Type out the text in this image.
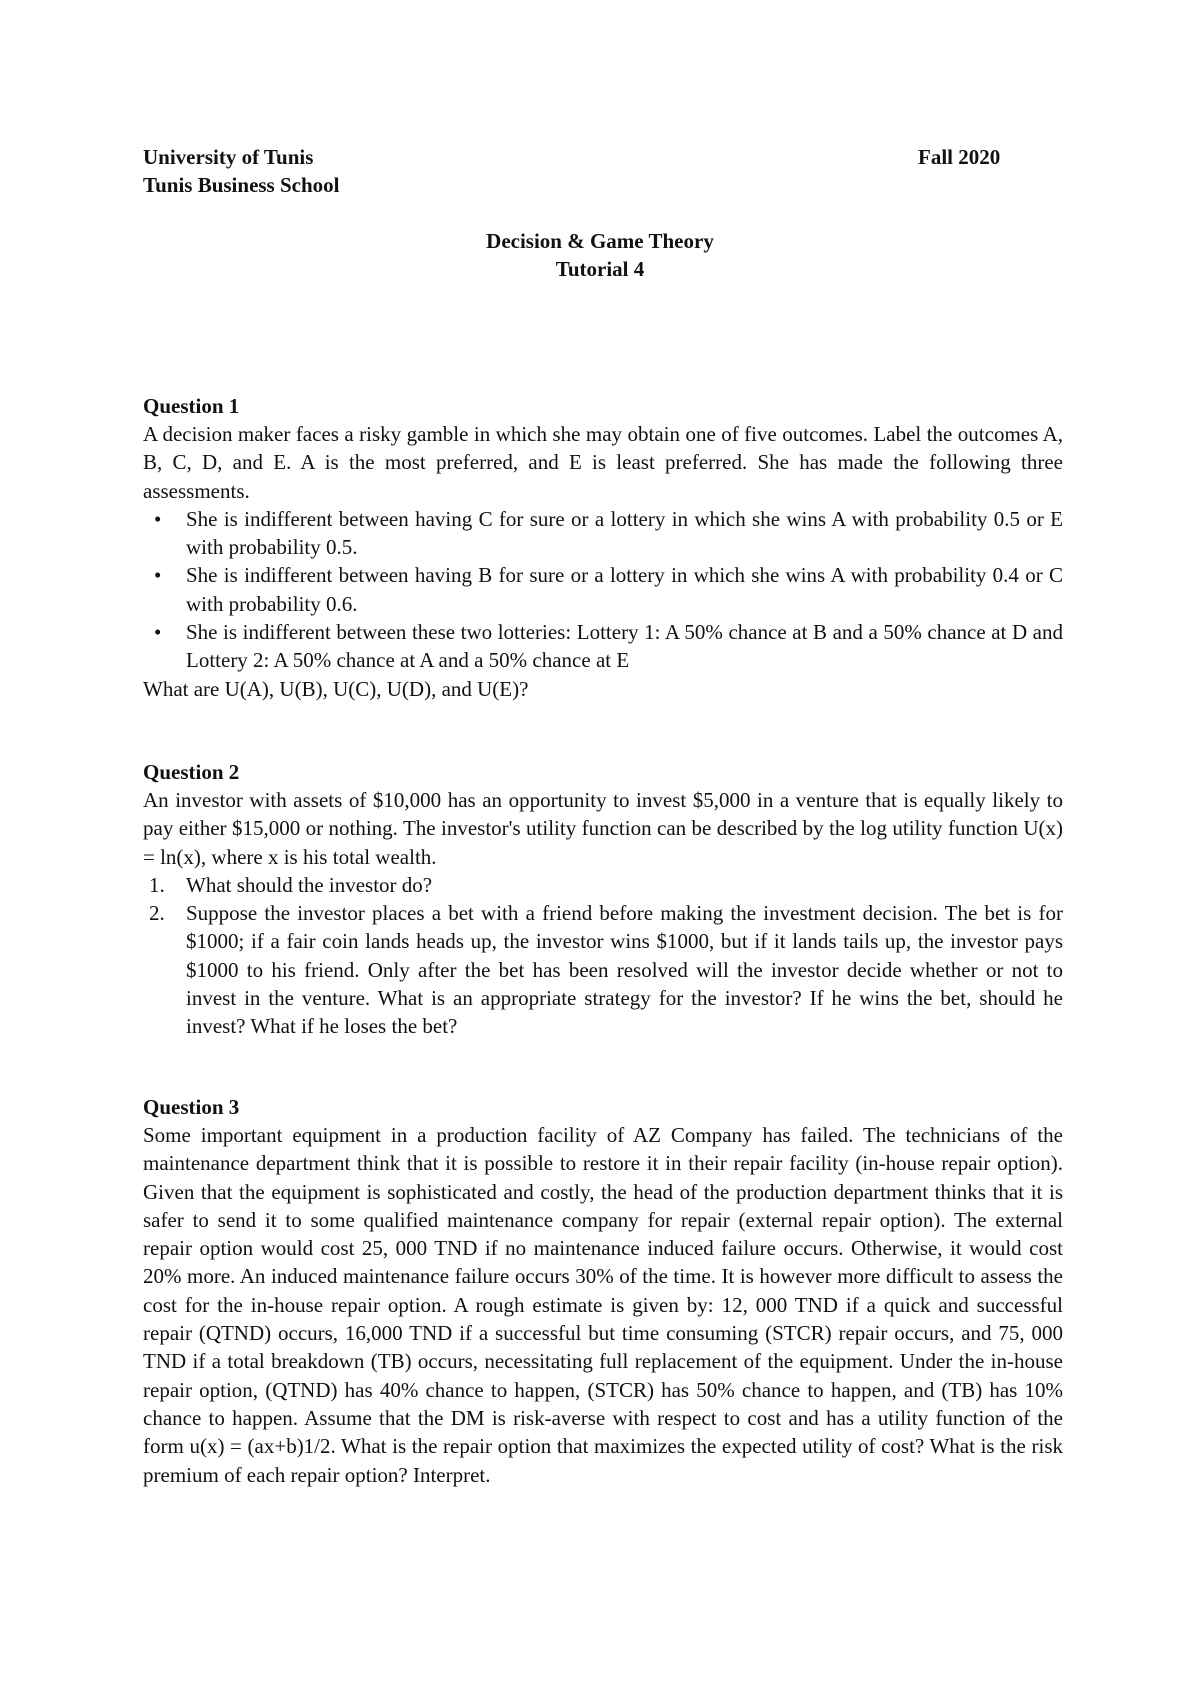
University of Tunis
Tunis Business School
Fall 2020
Decision & Game Theory
Tutorial 4
Question 1

A decision maker faces a risky gamble in which she may obtain one of five outcomes. Label the outcomes A, B, C, D, and E. A is the most preferred, and E is least preferred. She has made the following three assessments.

• She is indifferent between having C for sure or a lottery in which she wins A with probability 0.5 or E with probability 0.5.
• She is indifferent between having B for sure or a lottery in which she wins A with probability 0.4 or C with probability 0.6.
• She is indifferent between these two lotteries: Lottery 1: A 50% chance at B and a 50% chance at D and Lottery 2: A 50% chance at A and a 50% chance at E

What are U(A), U(B), U(C), U(D), and U(E)?

Question 2

An investor with assets of $10,000 has an opportunity to invest $5,000 in a venture that is equally likely to pay either $15,000 or nothing. The investor's utility function can be described by the log utility function U(x) = ln(x), where x is his total wealth.

1. What should the investor do?
2. Suppose the investor places a bet with a friend before making the investment decision. The bet is for $1000; if a fair coin lands heads up, the investor wins $1000, but if it lands tails up, the investor pays $1000 to his friend. Only after the bet has been resolved will the investor decide whether or not to invest in the venture. What is an appropriate strategy for the investor? If he wins the bet, should he invest? What if he loses the bet?
Question 3

Some important equipment in a production facility of AZ Company has failed. The technicians of the maintenance department think that it is possible to restore it in their repair facility (in-house repair option). Given that the equipment is sophisticated and costly, the head of the production department thinks that it is safer to send it to some qualified maintenance company for repair (external repair option). The external repair option would cost 25, 000 TND if no maintenance induced failure occurs. Otherwise, it would cost 20% more. An induced maintenance failure occurs 30% of the time. It is however more difficult to assess the cost for the in-house repair option. A rough estimate is given by: 12, 000 TND if a quick and successful repair (QTND) occurs, 16,000 TND if a successful but time consuming (STCR) repair occurs, and 75, 000 TND if a total breakdown (TB) occurs, necessitating full replacement of the equipment. Under the in-house repair option, (QTND) has 40% chance to happen, (STCR) has 50% chance to happen, and (TB) has 10% chance to happen. Assume that the DM is risk-averse with respect to cost and has a utility function of the form u(x) = (ax+b)1/2. What is the repair option that maximizes the expected utility of cost? What is the risk premium of each repair option? Interpret.
